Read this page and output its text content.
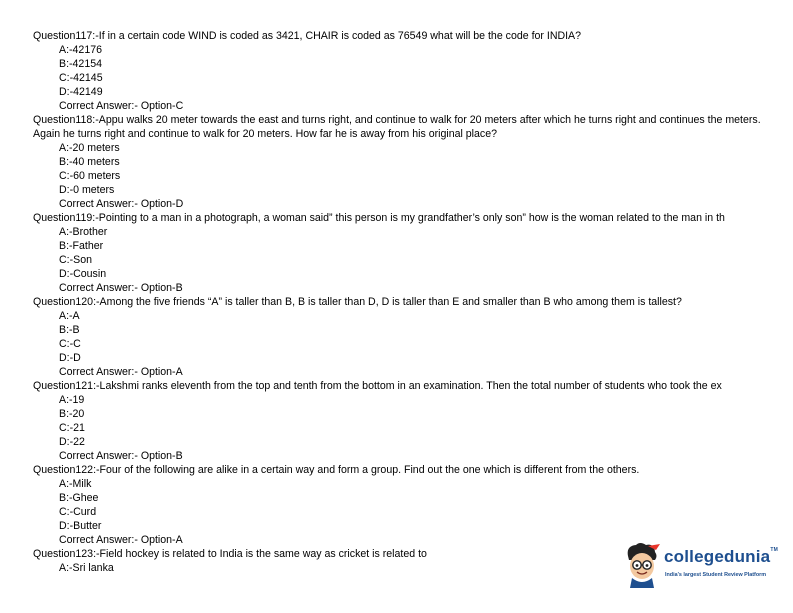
Question117:-If in a certain code WIND is coded as 3421, CHAIR is coded as 76549 what will be the code for INDIA?
A:-42176
B:-42154
C:-42145
D:-42149
Correct Answer:- Option-C
Question118:-Appu walks 20 meter towards the east and turns right, and continue to walk for 20 meters after which he turns right and continues the meters. Again he turns right and continue to walk for 20 meters. How far he is away from his original place?
A:-20 meters
B:-40 meters
C:-60 meters
D:-0 meters
Correct Answer:- Option-D
Question119:-Pointing to a man in a photograph, a woman said” this person is my grandfather’s only son” how is the woman related to the man in th
A:-Brother
B:-Father
C:-Son
D:-Cousin
Correct Answer:- Option-B
Question120:-Among the five friends “A” is taller than B, B is taller than D, D is taller than E and smaller than B who among them is tallest?
A:-A
B:-B
C:-C
D:-D
Correct Answer:- Option-A
Question121:-Lakshmi ranks eleventh from the top and tenth from the bottom in an examination. Then the total number of students who took the ex
A:-19
B:-20
C:-21
D:-22
Correct Answer:- Option-B
Question122:-Four of the following are alike in a certain way and form a group. Find out the one which is different from the others.
A:-Milk
B:-Ghee
C:-Curd
D:-Butter
Correct Answer:- Option-A
Question123:-Field hockey is related to India is the same way as cricket is related to
A:-Sri lanka
collegedunia™
India's largest Student Review Platform
